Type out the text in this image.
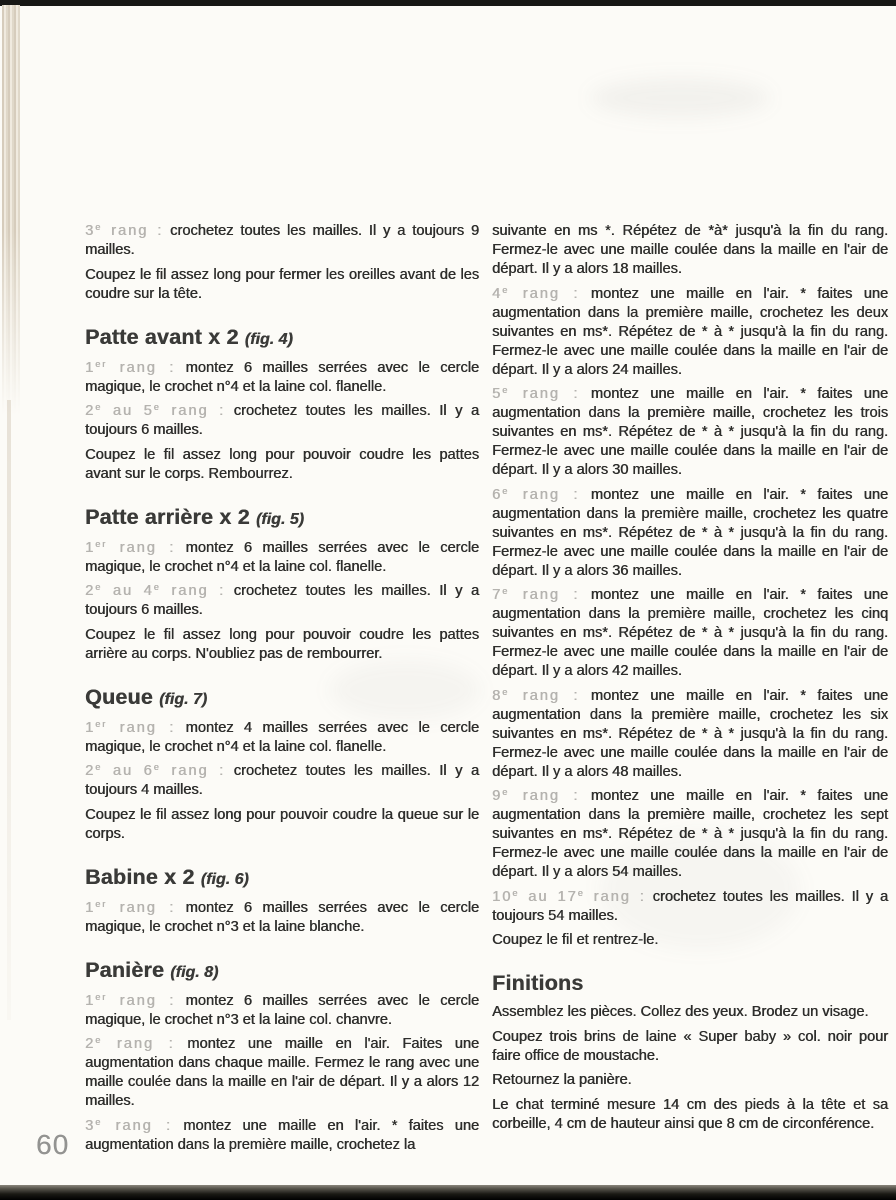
3e rang : crochetez toutes les mailles. Il y a toujours 9 mailles.

Coupez le fil assez long pour fermer les oreilles avant de les coudre sur la tête.

Patte avant x 2 (fig. 4)

1er rang : montez 6 mailles serrées avec le cercle magique, le crochet n°4 et la laine col. flanelle.

2e au 5e rang : crochetez toutes les mailles. Il y a toujours 6 mailles.

Coupez le fil assez long pour pouvoir coudre les pattes avant sur le corps. Rembourrez.

Patte arrière x 2 (fig. 5)

1er rang : montez 6 mailles serrées avec le cercle magique, le crochet n°4 et la laine col. flanelle.

2e au 4e rang : crochetez toutes les mailles. Il y a toujours 6 mailles.

Coupez le fil assez long pour pouvoir coudre les pattes arrière au corps. N'oubliez pas de rembourrer.

Queue (fig. 7)

1er rang : montez 4 mailles serrées avec le cercle magique, le crochet n°4 et la laine col. flanelle.

2e au 6e rang : crochetez toutes les mailles. Il y a toujours 4 mailles.

Coupez le fil assez long pour pouvoir coudre la queue sur le corps.

Babine x 2 (fig. 6)

1er rang : montez 6 mailles serrées avec le cercle magique, le crochet n°3 et la laine blanche.

Panière (fig. 8)

1er rang : montez 6 mailles serrées avec le cercle magique, le crochet n°3 et la laine col. chanvre.

2e rang : montez une maille en l'air. Faites une augmentation dans chaque maille. Fermez le rang avec une maille coulée dans la maille en l'air de départ. Il y a alors 12 mailles.

3e rang : montez une maille en l'air. * faites une augmentation dans la première maille, crochetez la

suivante en ms *. Répétez de *à* jusqu'à la fin du rang. Fermez-le avec une maille coulée dans la maille en l'air de départ. Il y a alors 18 mailles.

4e rang : montez une maille en l'air. * faites une augmentation dans la première maille, crochetez les deux suivantes en ms*. Répétez de * à * jusqu'à la fin du rang. Fermez-le avec une maille coulée dans la maille en l'air de départ. Il y a alors 24 mailles.

5e rang : montez une maille en l'air. * faites une augmentation dans la première maille, crochetez les trois suivantes en ms*. Répétez de * à * jusqu'à la fin du rang. Fermez-le avec une maille coulée dans la maille en l'air de départ. Il y a alors 30 mailles.

6e rang : montez une maille en l'air. * faites une augmentation dans la première maille, crochetez les quatre suivantes en ms*. Répétez de * à * jusqu'à la fin du rang. Fermez-le avec une maille coulée dans la maille en l'air de départ. Il y a alors 36 mailles.

7e rang : montez une maille en l'air. * faites une augmentation dans la première maille, crochetez les cinq suivantes en ms*. Répétez de * à * jusqu'à la fin du rang. Fermez-le avec une maille coulée dans la maille en l'air de départ. Il y a alors 42 mailles.

8e rang : montez une maille en l'air. * faites une augmentation dans la première maille, crochetez les six suivantes en ms*. Répétez de * à * jusqu'à la fin du rang. Fermez-le avec une maille coulée dans la maille en l'air de départ. Il y a alors 48 mailles.

9e rang : montez une maille en l'air. * faites une augmentation dans la première maille, crochetez les sept suivantes en ms*. Répétez de * à * jusqu'à la fin du rang. Fermez-le avec une maille coulée dans la maille en l'air de départ. Il y a alors 54 mailles.

10e au 17e rang : crochetez toutes les mailles. Il y a toujours 54 mailles.

Coupez le fil et rentrez-le.

Finitions

Assemblez les pièces. Collez des yeux. Brodez un visage.

Coupez trois brins de laine « Super baby » col. noir pour faire office de moustache.

Retournez la panière.

Le chat terminé mesure 14 cm des pieds à la tête et sa corbeille, 4 cm de hauteur ainsi que 8 cm de circonférence.

60
